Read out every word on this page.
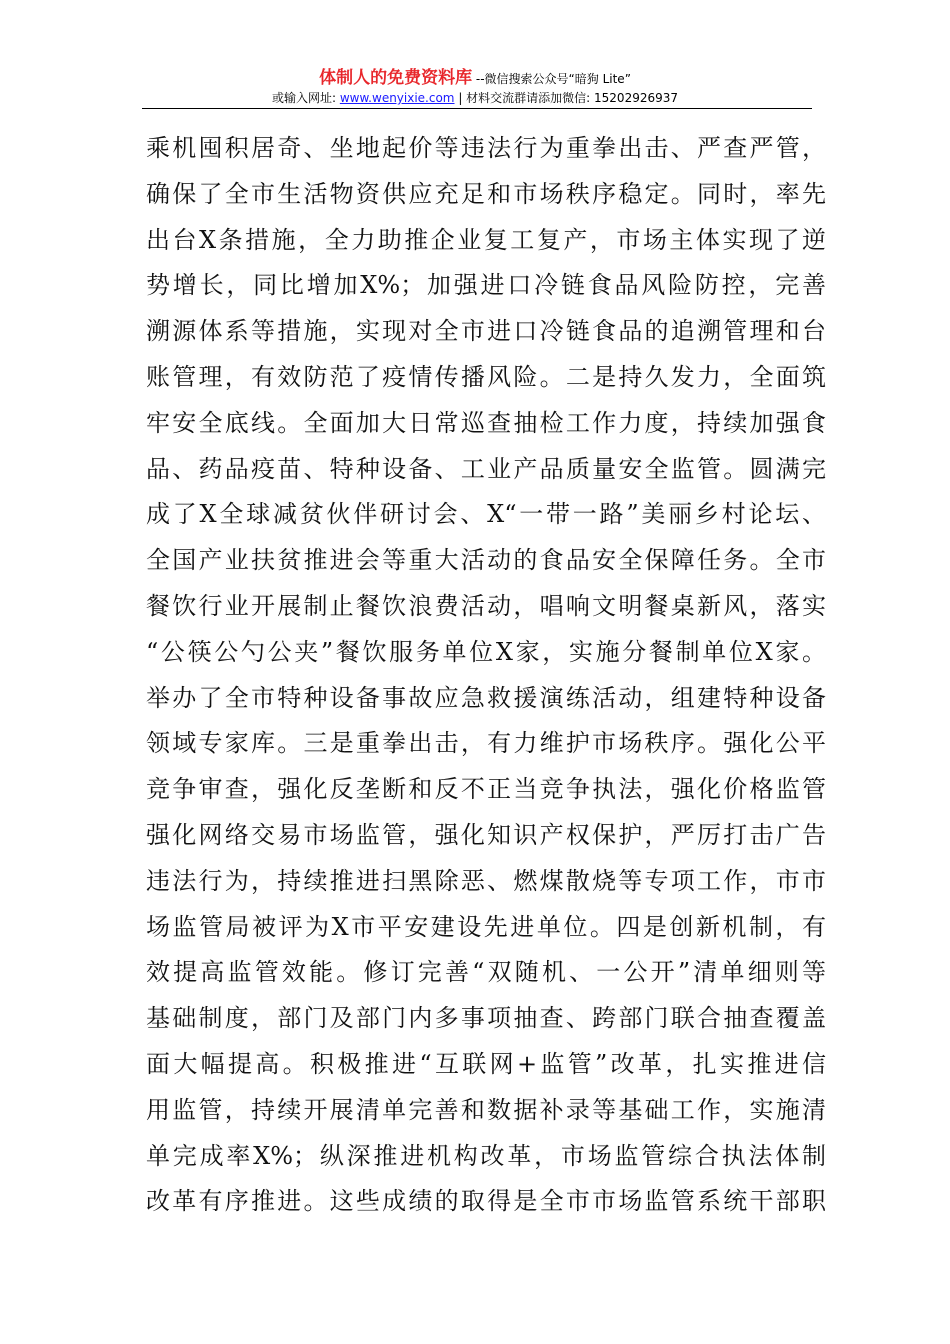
体制人的免费资料库 --微信搜索公众号“暗狗 Lite”
或输入网址: www.wenyixie.com | 材料交流群请添加微信: 15202926937
乘机囤积居奇、坐地起价等违法行为重拳出击、严查严管，
确保了全市生活物资供应充足和市场秩序稳定。同时，率先
出台X条措施，全力助推企业复工复产，市场主体实现了逆
势增长，同比增加X%；加强进口冷链食品风险防控，完善
溯源体系等措施，实现对全市进口冷链食品的追溯管理和台
账管理，有效防范了疫情传播风险。二是持久发力，全面筑
牢安全底线。全面加大日常巡查抽检工作力度，持续加强食
品、药品疫苗、特种设备、工业产品质量安全监管。圆满完
成了X全球减贫伙伴研讨会、X“一带一路”美丽乡村论坛、
全国产业扶贫推进会等重大活动的食品安全保障任务。全市
餐饮行业开展制止餐饮浪费活动，唱响文明餐桌新风，落实
“公筷公勺公夹”餐饮服务单位X家，实施分餐制单位X家。
举办了全市特种设备事故应急救援演练活动，组建特种设备
领域专家库。三是重拳出击，有力维护市场秩序。强化公平
竞争审查，强化反垄断和反不正当竞争执法，强化价格监管
强化网络交易市场监管，强化知识产权保护，严厉打击广告
违法行为，持续推进扫黑除恶、燃煤散烧等专项工作，市市
场监管局被评为X市平安建设先进单位。四是创新机制，有
效提高监管效能。修订完善“双随机、一公开”清单细则等
基础制度，部门及部门内多事项抽查、跨部门联合抽查覆盖
面大幅提高。积极推进“互联网+监管”改革，扎实推进信
用监管，持续开展清单完善和数据补录等基础工作，实施清
单完成率X%；纵深推进机构改革，市场监管综合执法体制
改革有序推进。这些成绩的取得是全市市场监管系统干部职
